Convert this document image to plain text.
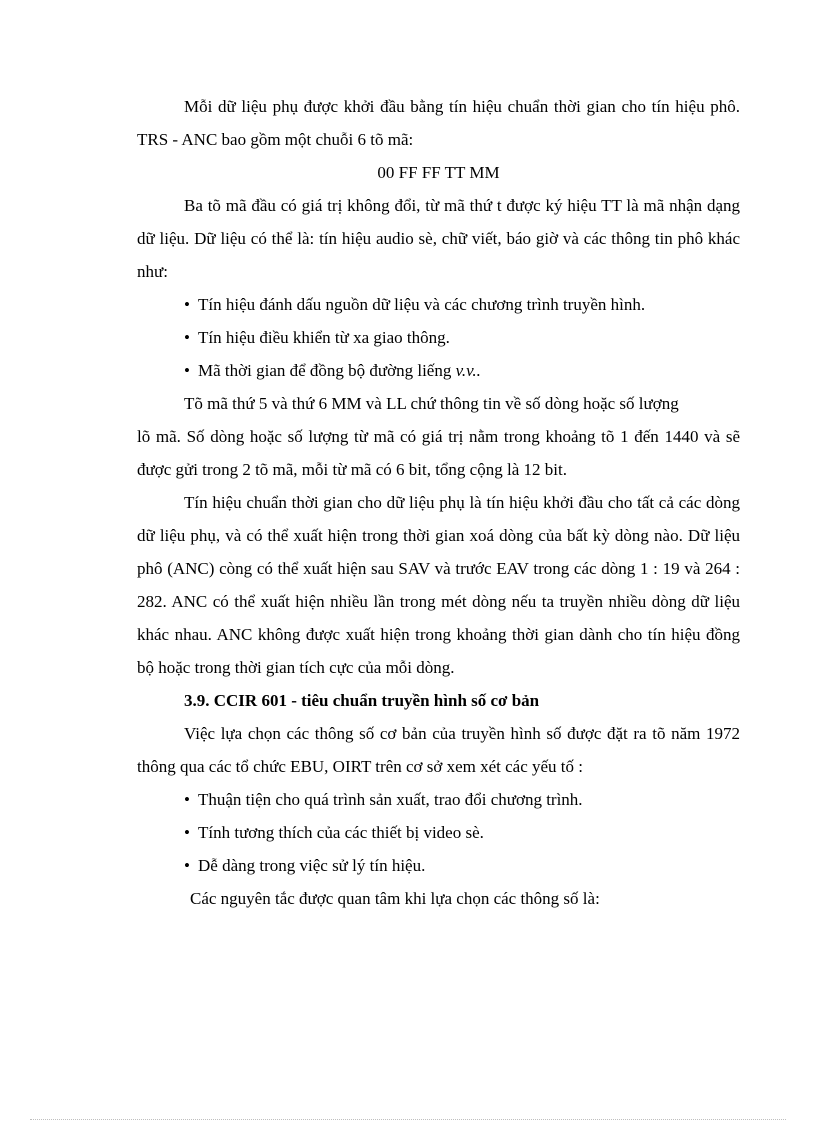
Mỗi dữ liệu phụ được khởi đầu bằng tín hiệu chuẩn thời gian cho tín hiệu phô. TRS - ANC bao gồm một chuỗi 6 tõ mã:

00 FF FF TT MM

Ba tõ mã đầu có giá trị không đổi, từ mã thứ t được ký hiệu TT là mã nhận dạng dữ liệu. Dữ liệu có thể là: tín hiệu audio sè, chữ viết, báo giờ và các thông tin phô khác như:

• Tín hiệu đánh dấu nguồn dữ liệu và các chương trình truyền hình.

• Tín hiệu điều khiển từ xa giao thông.

• Mã thời gian để đồng bộ đường liếng v.v..

Tõ mã thứ 5 và thứ 6 MM và LL chứ thông tin về số dòng hoặc số lượng

lõ mã. Số dòng hoặc số lượng từ mã có giá trị nằm trong khoảng tõ 1 đến 1440 và sẽ được gửi trong 2 tõ mã, mỗi từ mã có 6 bit, tổng cộng là 12 bit.

Tín hiệu chuẩn thời gian cho dữ liệu phụ là tín hiệu khởi đầu cho tất cả các dòng dữ liệu phụ, và có thể xuất hiện trong thời gian xoá dòng của bất kỳ dòng nào. Dữ liệu phô (ANC) còng có thể xuất hiện sau SAV và trước EAV trong các dòng 1 : 19 và 264 : 282. ANC có thể xuất hiện nhiều lần trong mét dòng nếu ta truyền nhiều dòng dữ liệu khác nhau. ANC không được xuất hiện trong khoảng thời gian dành cho tín hiệu đồng bộ hoặc trong thời gian tích cực của mỗi dòng.

3.9. CCIR 601 - tiêu chuẩn truyền hình số cơ bản

Việc lựa chọn các thông số cơ bản của truyền hình số được đặt ra tõ năm 1972 thông qua các tổ chức EBU, OIRT trên cơ sở xem xét các yếu tố :

• Thuận tiện cho quá trình sản xuất, trao đổi chương trình.

• Tính tương thích của các thiết bị video sè.

• Dễ dàng trong việc sử lý tín hiệu.

Các nguyên tắc được quan tâm khi lựa chọn các thông số là:
